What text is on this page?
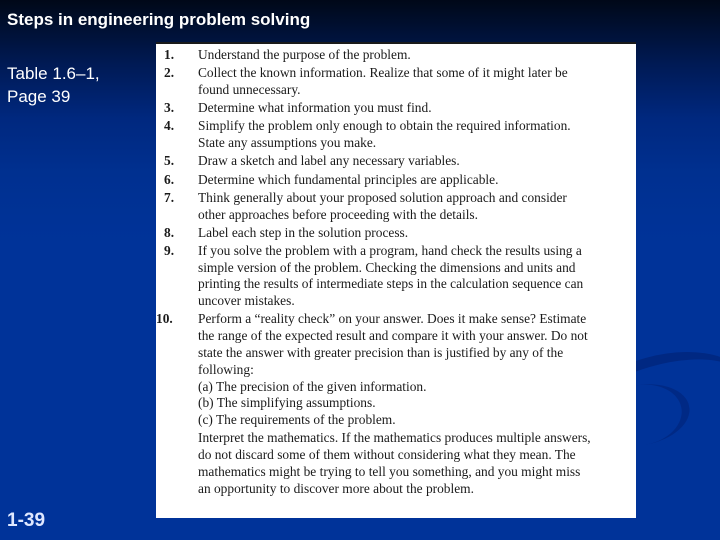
Steps in engineering problem solving
Table 1.6–1,
Page 39
1.	Understand the purpose of the problem.
2.	Collect the known information. Realize that some of it might later be
found unnecessary.
3.	Determine what information you must find.
4.	Simplify the problem only enough to obtain the required information.
State any assumptions you make.
5.	Draw a sketch and label any necessary variables.
6.	Determine which fundamental principles are applicable.
7.	Think generally about your proposed solution approach and consider
other approaches before proceeding with the details.
8.	Label each step in the solution process.
9.	If you solve the problem with a program, hand check the results using a
simple version of the problem. Checking the dimensions and units and
printing the results of intermediate steps in the calculation sequence can
uncover mistakes.
10.	Perform a “reality check” on your answer. Does it make sense? Estimate
the range of the expected result and compare it with your answer. Do not
state the answer with greater precision than is justified by any of the
following:
(a) The precision of the given information.
(b) The simplifying assumptions.
(c) The requirements of the problem.
Interpret the mathematics. If the mathematics produces multiple answers,
do not discard some of them without considering what they mean. The
mathematics might be trying to tell you something, and you might miss
an opportunity to discover more about the problem.
1-39
